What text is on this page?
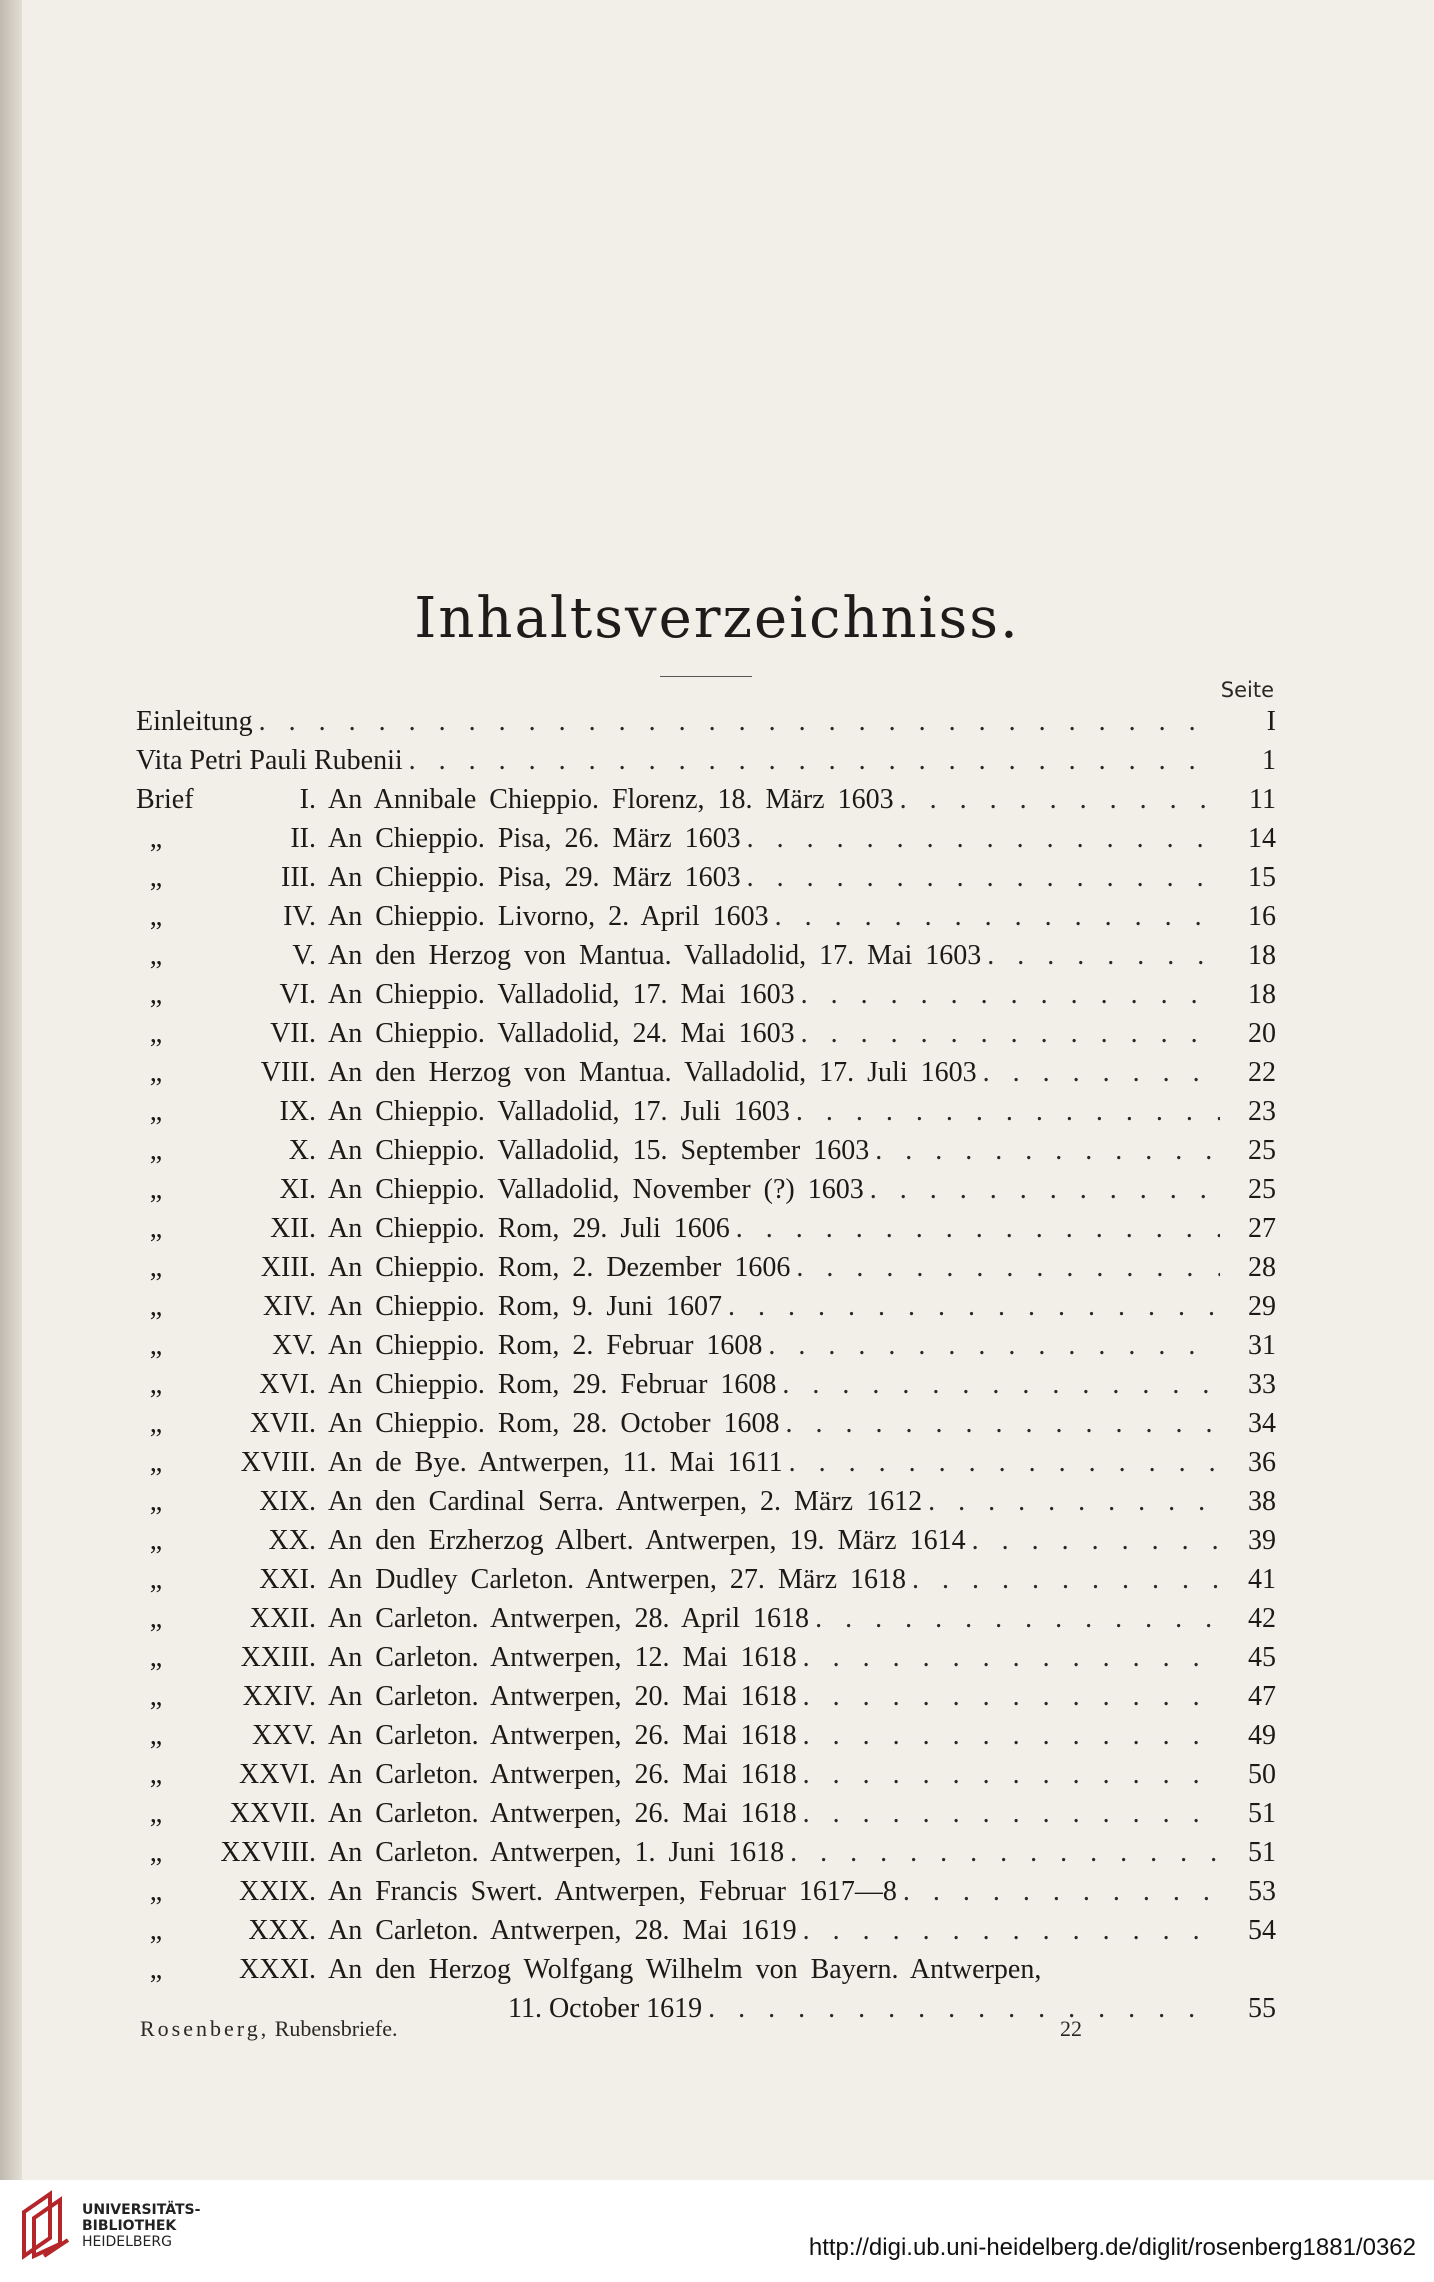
Inhaltsverzeichniss.
Seite
Einleitung . . .	I
Vita Petri Pauli Rubenii . . .	1
Brief	I. An Annibale Chieppio. Florenz, 18. März 1603 . . .	11
„	II. An Chieppio. Pisa, 26. März 1603 . . .	14
„	III. An Chieppio. Pisa, 29. März 1603 . . .	15
„	IV. An Chieppio. Livorno, 2. April 1603 . . .	16
„	V. An den Herzog von Mantua. Valladolid, 17. Mai 1603 . . .	18
„	VI. An Chieppio. Valladolid, 17. Mai 1603 . . .	18
„	VII. An Chieppio. Valladolid, 24. Mai 1603 . . .	20
„	VIII. An den Herzog von Mantua. Valladolid, 17. Juli 1603 . . .	22
„	IX. An Chieppio. Valladolid, 17. Juli 1603 . . .	23
„	X. An Chieppio. Valladolid, 15. September 1603 . . .	25
„	XI. An Chieppio. Valladolid, November (?) 1603 . . .	25
„	XII. An Chieppio. Rom, 29. Juli 1606 . . .	27
„	XIII. An Chieppio. Rom, 2. Dezember 1606 . . .	28
„	XIV. An Chieppio. Rom, 9. Juni 1607 . . .	29
„	XV. An Chieppio. Rom, 2. Februar 1608 . . .	31
„	XVI. An Chieppio. Rom, 29. Februar 1608 . . .	33
„	XVII. An Chieppio. Rom, 28. October 1608 . . .	34
„	XVIII. An de Bye. Antwerpen, 11. Mai 1611 . . .	36
„	XIX. An den Cardinal Serra. Antwerpen, 2. März 1612 . . .	38
„	XX. An den Erzherzog Albert. Antwerpen, 19. März 1614 . . .	39
„	XXI. An Dudley Carleton. Antwerpen, 27. März 1618 . . .	41
„	XXII. An Carleton. Antwerpen, 28. April 1618 . . .	42
„	XXIII. An Carleton. Antwerpen, 12. Mai 1618 . . .	45
„	XXIV. An Carleton. Antwerpen, 20. Mai 1618 . . .	47
„	XXV. An Carleton. Antwerpen, 26. Mai 1618 . . .	49
„	XXVI. An Carleton. Antwerpen, 26. Mai 1618 . . .	50
„	XXVII. An Carleton. Antwerpen, 26. Mai 1618 . . .	51
„	XXVIII. An Carleton. Antwerpen, 1. Juni 1618 . . .	51
„	XXIX. An Francis Swert. Antwerpen, Februar 1617—8 . . .	53
„	XXX. An Carleton. Antwerpen, 28. Mai 1619 . . .	54
„	XXXI. An den Herzog Wolfgang Wilhelm von Bayern. Antwerpen,
11. October 1619 . . .	55
Rosenberg, Rubensbriefe.	22
UNIVERSITÄTS-
BIBLIOTHEK
HEIDELBERG	http://digi.ub.uni-heidelberg.de/diglit/rosenberg1881/0362
